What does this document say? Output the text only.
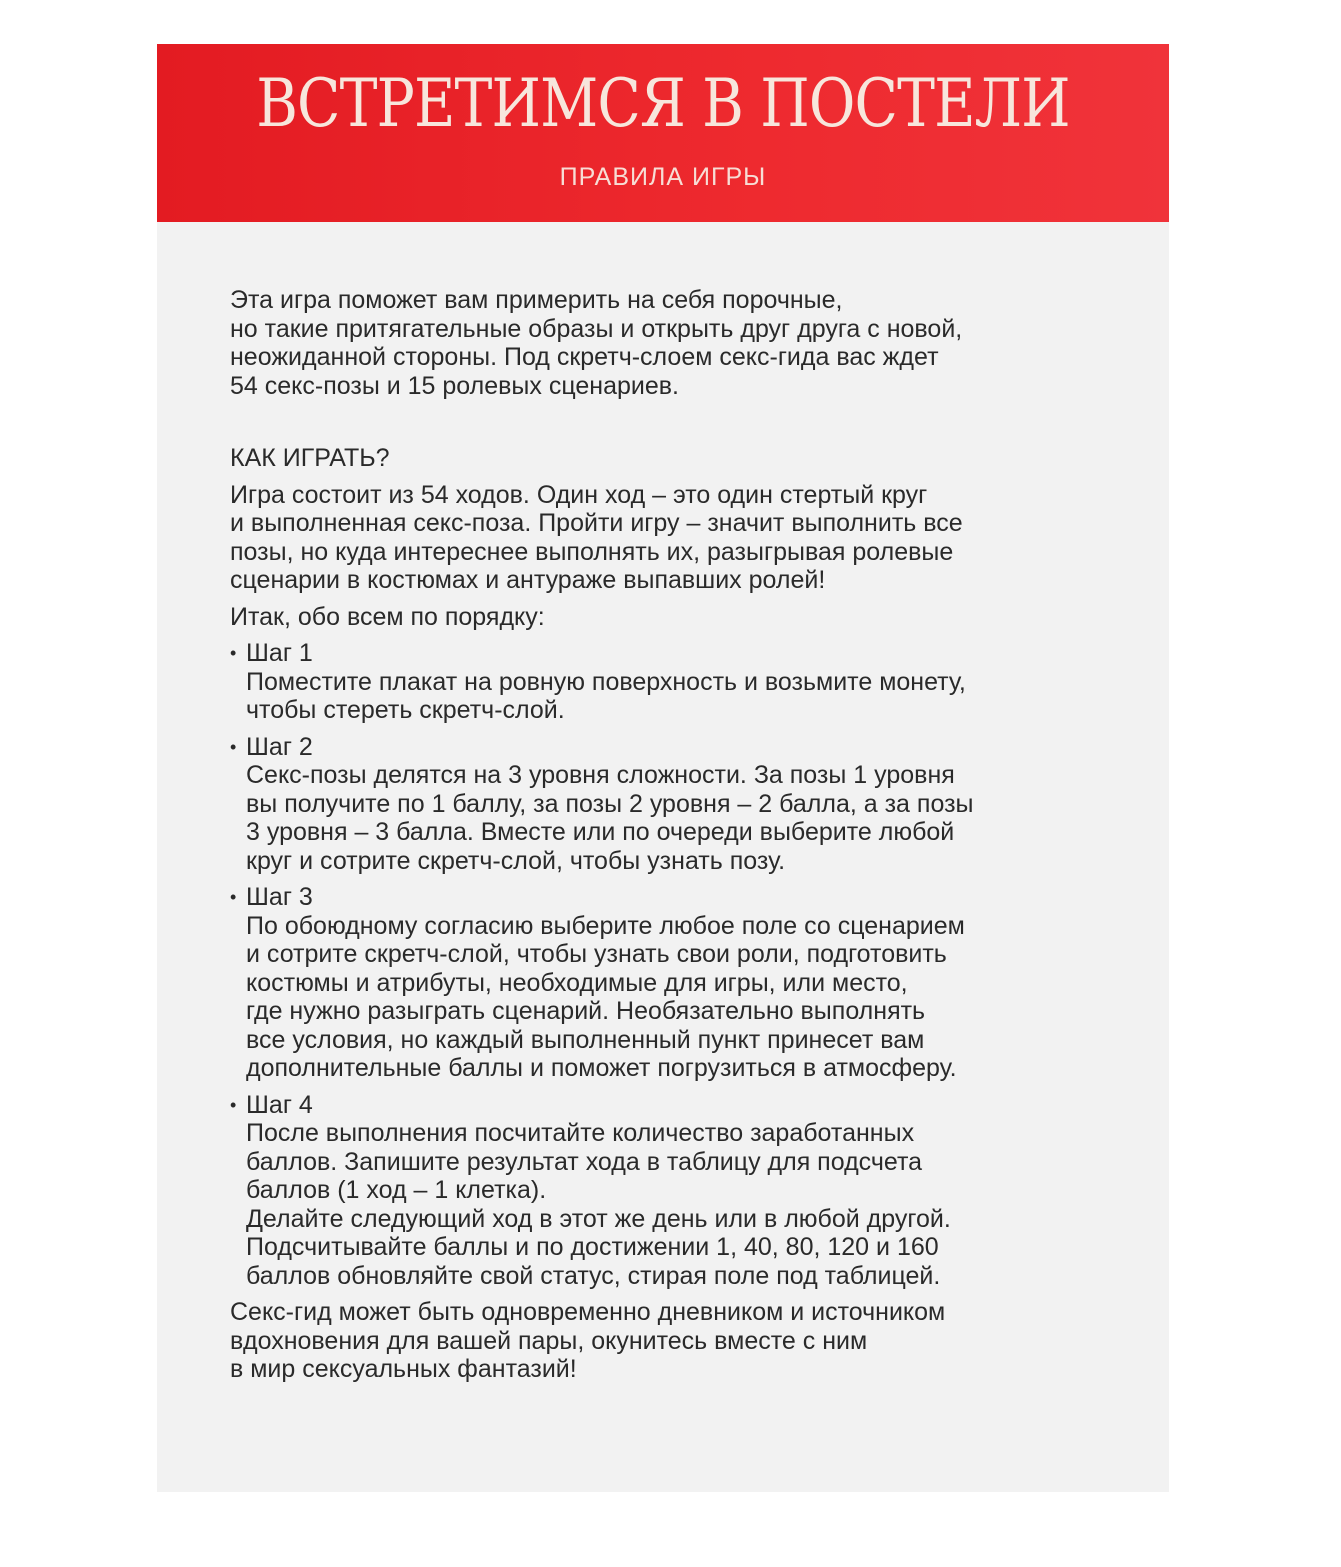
ВСТРЕТИМСЯ В ПОСТЕЛИ
ПРАВИЛА ИГРЫ

Эта игра поможет вам примерить на себя порочные,
но такие притягательные образы и открыть друг друга с новой,
неожиданной стороны. Под скретч-слоем секс-гида вас ждет
54 секс-позы и 15 ролевых сценариев.

КАК ИГРАТЬ?

Игра состоит из 54 ходов. Один ход – это один стертый круг
и выполненная секс-поза. Пройти игру – значит выполнить все
позы, но куда интереснее выполнять их, разыгрывая ролевые
сценарии в костюмах и антураже выпавших ролей!

Итак, обо всем по порядку:

• Шаг 1

Поместите плакат на ровную поверхность и возьмите монету,
чтобы стереть скретч-слой.

• Шаг 2

Секс-позы делятся на 3 уровня сложности. За позы 1 уровня
вы получите по 1 баллу, за позы 2 уровня – 2 балла, а за позы
3 уровня – 3 балла. Вместе или по очереди выберите любой
круг и сотрите скретч-слой, чтобы узнать позу.

• Шаг 3

По обоюдному согласию выберите любое поле со сценарием
и сотрите скретч-слой, чтобы узнать свои роли, подготовить
костюмы и атрибуты, необходимые для игры, или место,
где нужно разыграть сценарий. Необязательно выполнять
все условия, но каждый выполненный пункт принесет вам
дополнительные баллы и поможет погрузиться в атмосферу.

• Шаг 4

После выполнения посчитайте количество заработанных
баллов. Запишите результат хода в таблицу для подсчета
баллов (1 ход – 1 клетка).

Делайте следующий ход в этот же день или в любой другой.
Подсчитывайте баллы и по достижении 1, 40, 80, 120 и 160
баллов обновляйте свой статус, стирая поле под таблицей.

Секс-гид может быть одновременно дневником и источником
вдохновения для вашей пары, окунитесь вместе с ним
в мир сексуальных фантазий!
